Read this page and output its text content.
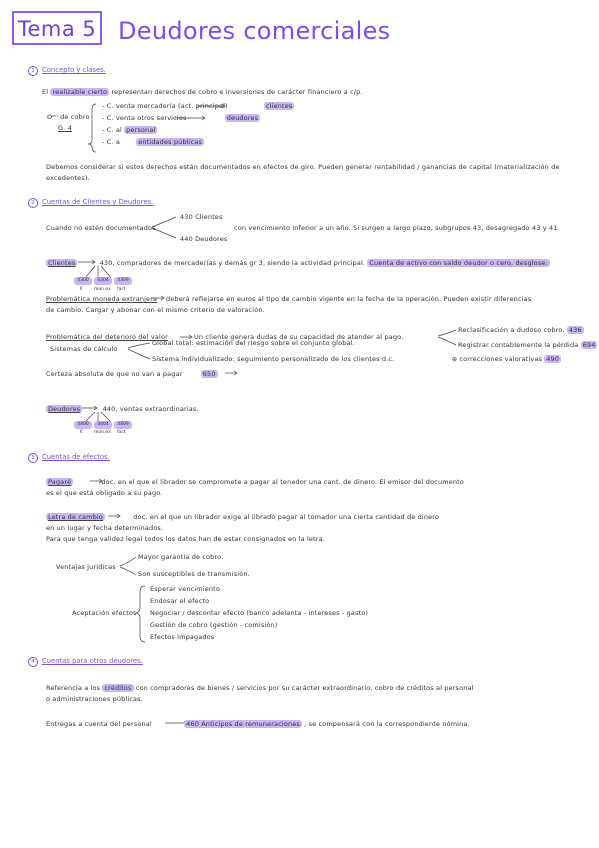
Tema 5 Deudores comerciales
1 Concepto y clases.
El realizable cierto representan derechos de cobro e inversiones de carácter financiero a c/p.
Oᵉⁿ de cobro
G. 4
- C. venta mercadería (act. principal)	clientes
- C. venta otros servicios	deudores
- C. al personal
- C. a	entidades públicas
Debemos considerar si estos derechos están documentados en efectos de giro. Pueden generar rentabilidad / ganancias de capital (materialización de
excedentes).
2 Cuentas de Clientes y Deudores.
Cuando no estén documentados
430 Clientes
440 Deudores
con vencimiento inferior a un año. Si surgen a largo plazo, subgrupos 43, desagregado 43 y 41.
Clientes	430, compradores de mercaderías y demás gr 3, siendo la actividad principal. Cuenta de activo con saldo deudor o cero, desglose:
4300	4304	4309
€ mon.ex fact
Problemática moneda extranjera deberá reflejarse en euros al tipo de cambio vigente en la fecha de la operación. Pueden existir diferencias
de cambio. Cargar y abonar con el mismo criterio de valoración.
Problemática del deterioro del valor	Un cliente genera dudas de su capacidad de atender al pago.
Reclasificación a dudoso cobro. 436
Registrar contablemente la pérdida 694
⊕ correcciones valorativas 490
Sistemas de cálculo
Global total: estimación del riesgo sobre el conjunto global.
Sistema individualizado: seguimiento personalizado de los clientes d.c.
Certeza absoluta de que no van a pagar	650
Deudores	440, ventas extraordinarias.
4400	4404	4409
€ mon.ex fact
3 Cuentas de efectos.
Pagaré	doc. en el que el librador se compromete a pagar al tenedor una cant. de dinero. El emisor del documento
es el que está obligado a su pago.
Letra de cambio	doc. en el que un librador exige al librado pagar al tomador una cierta cantidad de dinero
en un lugar y fecha determinados.
Para que tenga validez legal todos los datos han de estar consignados en la letra.
Ventajas jurídicas
Mayor garantía de cobro.
Son susceptibles de transmisión.
Aceptación efectos
Esperar vencimiento
Endosar el efecto
Negociar / descontar efecto (banco adelanta - intereses - gasto)
Gestión de cobro (gestión - comisión)
Efectos impagados
4 Cuentas para otros deudores.
Referencia a los créditos con compradores de bienes / servicios por su carácter extraordinario, cobro de créditos al personal
o administraciones públicas.
Entregas a cuenta del personal	460 Anticipos de remuneraciones , se compensará con la correspondiente nómina.
